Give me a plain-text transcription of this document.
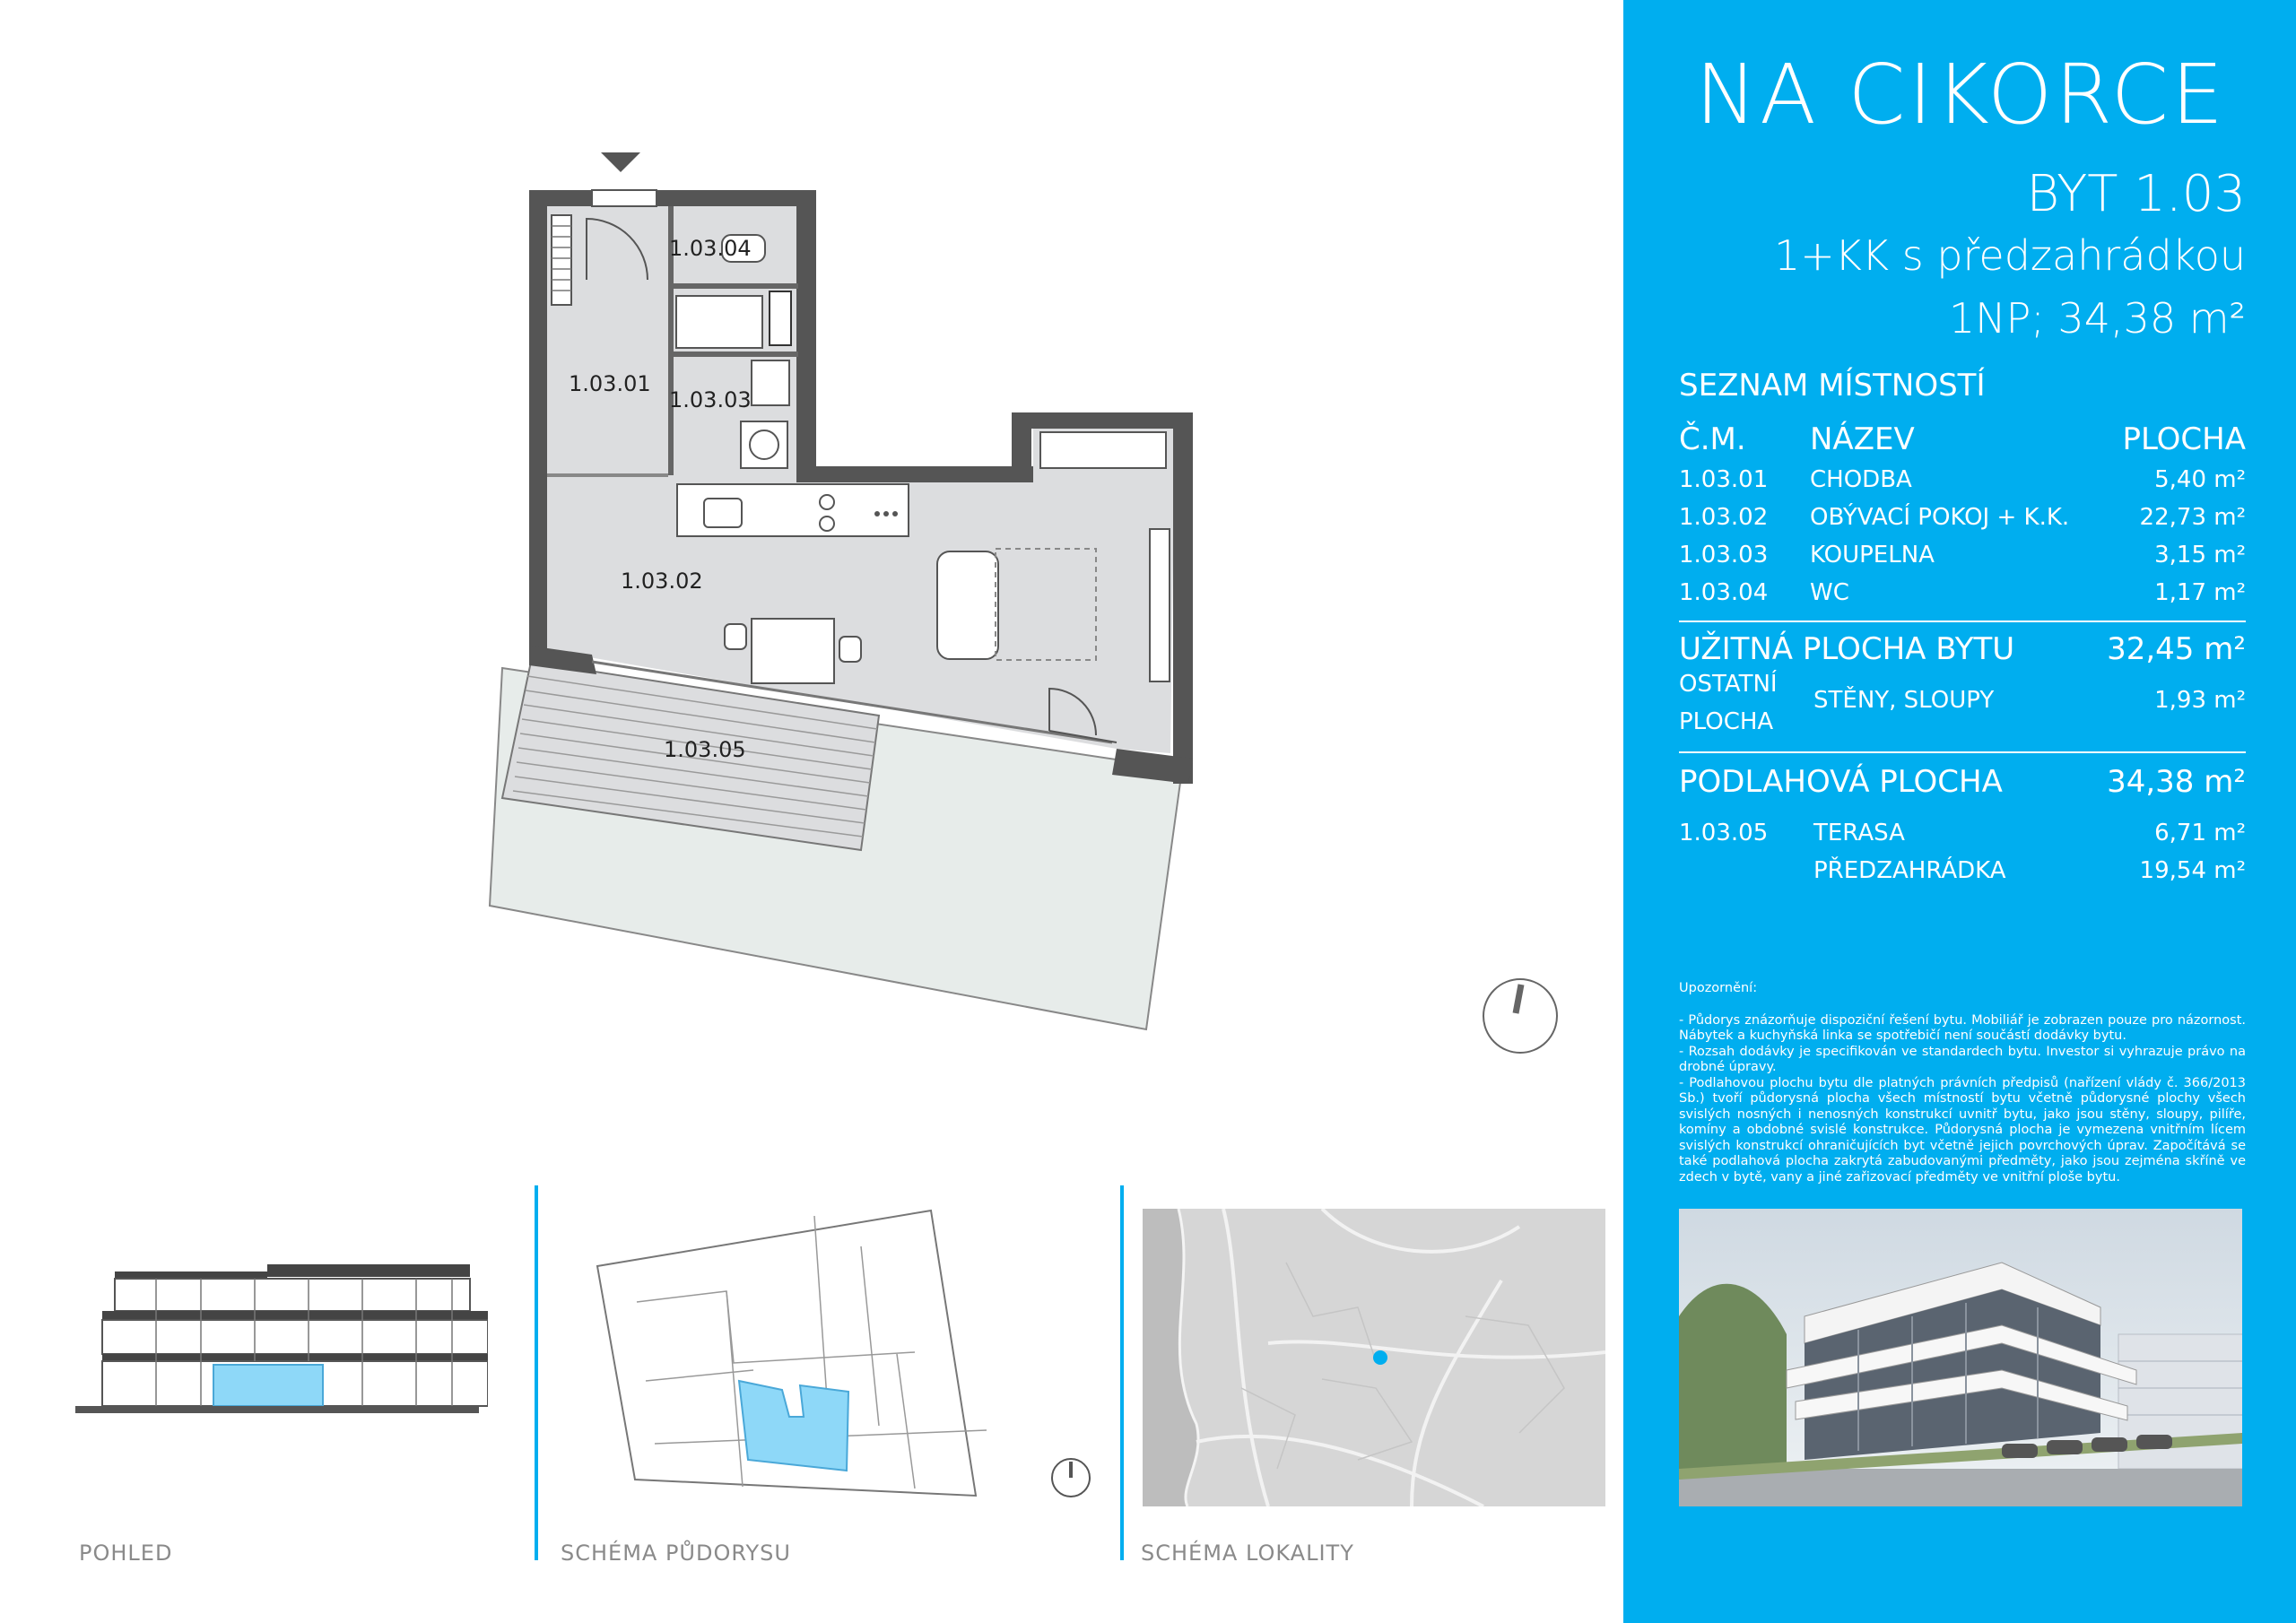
1.03.04
1.03.01
1.03.03
1.03.02
1.03.05
POHLED	SCHÉMA PŮDORYSU	SCHÉMA LOKALITY
NA CIKORCE
BYT 1.03
1+KK s předzahrádkou
1NP; 34,38 m²
SEZNAM MÍSTNOSTÍ
Č.M. NÁZEV	PLOCHA
1.03.01 CHODBA	5,40 m²
1.03.02 OBÝVACÍ POKOJ + K.K.	22,73 m²
1.03.03 KOUPELNA	3,15 m²
1.03.04 WC	1,17 m²
UŽITNÁ PLOCHA BYTU	32,45 m²
OSTATNÍ
PLOCHA
STĚNY, SLOUPY	1,93 m²
PODLAHOVÁ PLOCHA	34,38 m²
1.03.05 TERASA	6,71 m²
PŘEDZAHRÁDKA	19,54 m²

Upozornění:

- Půdorys znázorňuje dispoziční řešení bytu. Mobiliář je zobrazen pouze pro názornost. Nábytek a kuchyňská linka se spotřebičí není součástí dodávky bytu.

- Rozsah dodávky je specifikován ve standardech bytu. Investor si vyhrazuje právo na drobné úpravy.

- Podlahovou plochu bytu dle platných právních předpisů (nařízení vlády č. 366/2013 Sb.) tvoří půdorysná plocha všech místností bytu včetně půdorysné plochy všech svislých nosných i nenosných konstrukcí uvnitř bytu, jako jsou stěny, sloupy, pilíře, komíny a obdobné svislé konstrukce. Půdorysná plocha je vymezena vnitřním lícem svislých konstrukcí ohraničujících byt včetně jejich povrchových úprav. Započítává se také podlahová plocha zakrytá zabudovanými předměty, jako jsou zejména skříně ve zdech v bytě, vany a jiné zařizovací předměty ve vnitřní ploše bytu.
